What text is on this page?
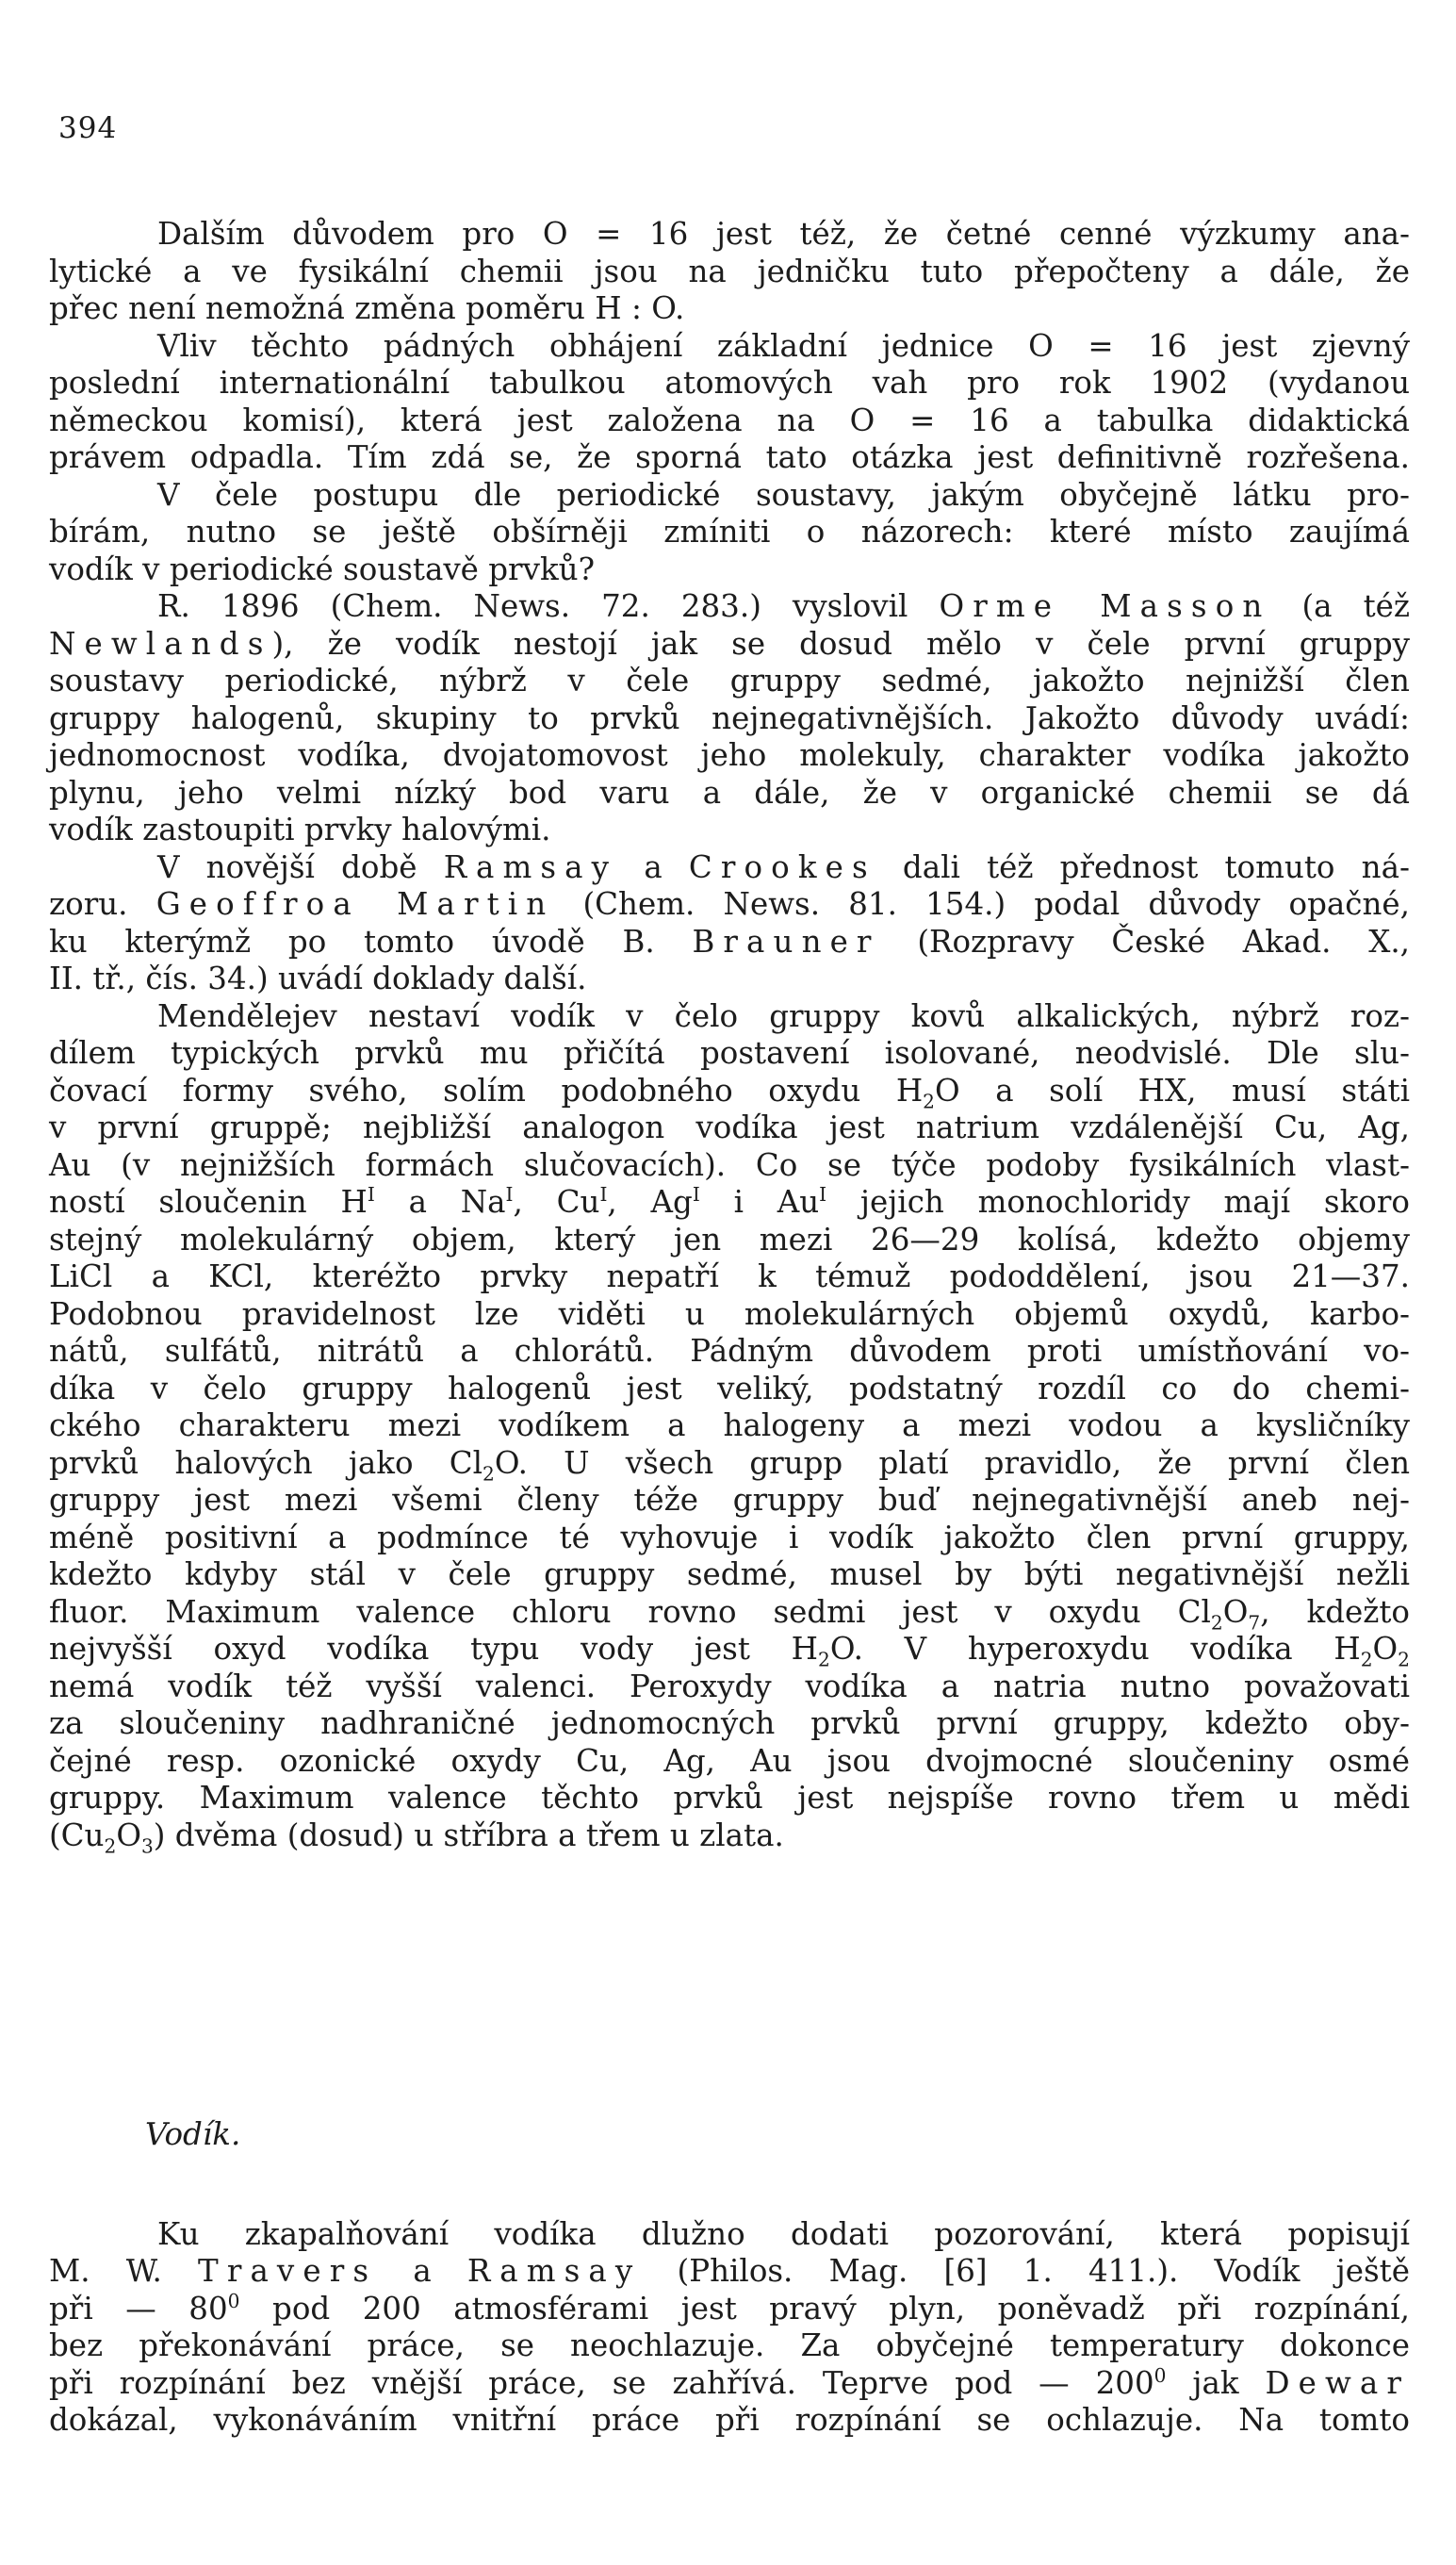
394
Dalším důvodem pro O = 16 jest též, že četné cenné výzkumy ana-
lytické a ve fysikální chemii jsou na jedničku tuto přepočteny a dále, že
přec není nemožná změna poměru H : O.
Vliv těchto pádných obhájení základní jednice O = 16 jest zjevný
poslední internationální tabulkou atomových vah pro rok 1902 (vydanou
německou komisí), která jest založena na O = 16 a tabulka didaktická
právem odpadla. Tím zdá se, že sporná tato otázka jest definitivně rozřešena.
V čele postupu dle periodické soustavy, jakým obyčejně látku pro-
bírám, nutno se ještě obšírněji zmíniti o názorech: které místo zaujímá
vodík v periodické soustavě prvků?
R. 1896 (Chem. News. 72. 283.) vyslovil Orme Masson (a též
Newlands), že vodík nestojí jak se dosud mělo v čele první gruppy
soustavy periodické, nýbrž v čele gruppy sedmé, jakožto nejnižší člen
gruppy halogenů, skupiny to prvků nejnegativnějších. Jakožto důvody uvádí:
jednomocnost vodíka, dvojatomovost jeho molekuly, charakter vodíka jakožto
plynu, jeho velmi nízký bod varu a dále, že v organické chemii se dá
vodík zastoupiti prvky halovými.
V novější době Ramsay a Crookes dali též přednost tomuto ná-
zoru. Geoffroa Martin (Chem. News. 81. 154.) podal důvody opačné,
ku kterýmž po tomto úvodě B. Brauner (Rozpravy České Akad. X.,
II. tř., čís. 34.) uvádí doklady další.
Mendělejev nestaví vodík v čelo gruppy kovů alkalických, nýbrž roz-
dílem typických prvků mu přičítá postavení isolované, neodvislé. Dle slu-
čovací formy svého, solím podobného oxydu $H_2O$ a solí HX, musí státi
v první gruppě; nejbližší analogon vodíka jest natrium vzdálenější Cu, Ag,
Au (v nejnižších formách slučovacích). Co se týče podoby fysikálních vlast-
ností sloučenin $H^I$ a $Na^I$, $Cu^I$, $Ag^I$ i $Au^I$ jejich monochloridy mají skoro
stejný molekulárný objem, který jen mezi 26—29 kolísá, kdežto objemy
LiCl a KCl, kteréžto prvky nepatří k témuž pododdělení, jsou 21—37.
Podobnou pravidelnost lze viděti u molekulárných objemů oxydů, karbo-
nátů, sulfátů, nitrátů a chlorátů. Pádným důvodem proti umístňování vo-
díka v čelo gruppy halogenů jest veliký, podstatný rozdíl co do chemi-
ckého charakteru mezi vodíkem a halogeny a mezi vodou a kysličníky
prvků halových jako $Cl_2O$. U všech grupp platí pravidlo, že první člen
gruppy jest mezi všemi členy téže gruppy buď nejnegativnější aneb nej-
méně positivní a podmínce té vyhovuje i vodík jakožto člen první gruppy,
kdežto kdyby stál v čele gruppy sedmé, musel by býti negativnější nežli
fluor. Maximum valence chloru rovno sedmi jest v oxydu $Cl_2O_7$, kdežto
nejvyšší oxyd vodíka typu vody jest $H_2O$. V hyperoxydu vodíka $H_2O_2$
nemá vodík též vyšší valenci. Peroxydy vodíka a natria nutno považovati
za sloučeniny nadhraničné jednomocných prvků první gruppy, kdežto oby-
čejné resp. ozonické oxydy Cu, Ag, Au jsou dvojmocné sloučeniny osmé
gruppy. Maximum valence těchto prvků jest nejspíše rovno třem u mědi
$(Cu_2O_3)$ dvěma (dosud) u stříbra a třem u zlata.
Vodík.
Ku zkapalňování vodíka dlužno dodati pozorování, která popisují
M. W. Travers a Ramsay (Philos. Mag. [6] 1. 411.). Vodík ještě
při — $80^0$ pod 200 atmosférami jest pravý plyn, poněvadž při rozpínání,
bez překonávání práce, se neochlazuje. Za obyčejné temperatury dokonce
při rozpínání bez vnější práce, se zahřívá. Teprve pod — $200^0$ jak Dewar
dokázal, vykonáváním vnitřní práce při rozpínání se ochlazuje. Na tomto
